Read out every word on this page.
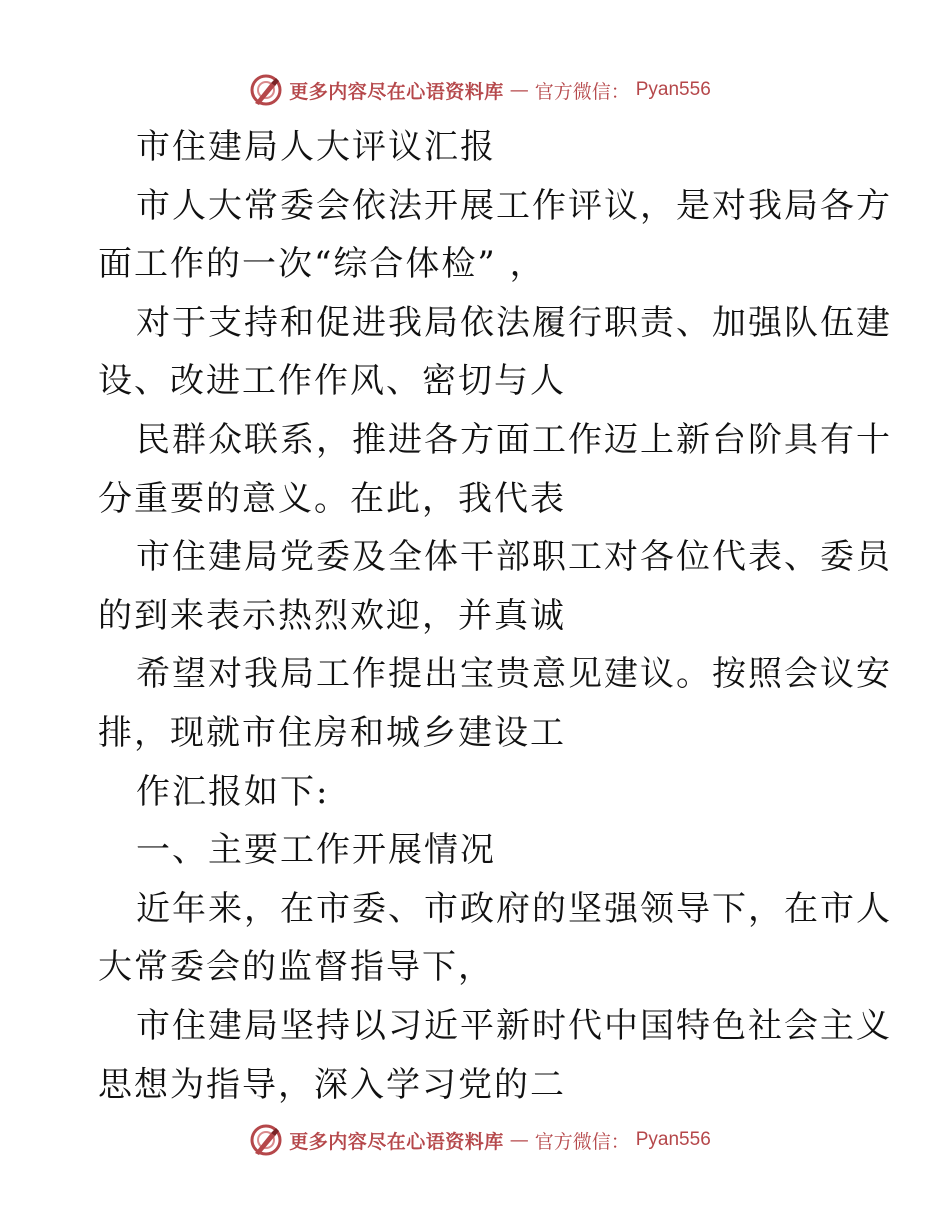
更多内容尽在心语资料库 — 官方微信： Pyan556
市住建局人大评议汇报
市人大常委会依法开展工作评议，是对我局各方
面工作的一次“综合体检” ，
对于支持和促进我局依法履行职责、加强队伍建
设、改进工作作风、密切与人
民群众联系，推进各方面工作迈上新台阶具有十
分重要的意义。在此，我代表
市住建局党委及全体干部职工对各位代表、委员
的到来表示热烈欢迎，并真诚
希望对我局工作提出宝贵意见建议。按照会议安
排，现就市住房和城乡建设工
作汇报如下:
一、主要工作开展情况
近年来，在市委、市政府的坚强领导下，在市人
大常委会的监督指导下，
市住建局坚持以习近平新时代中国特色社会主义
思想为指导，深入学习党的二
更多内容尽在心语资料库 — 官方微信： Pyan556
